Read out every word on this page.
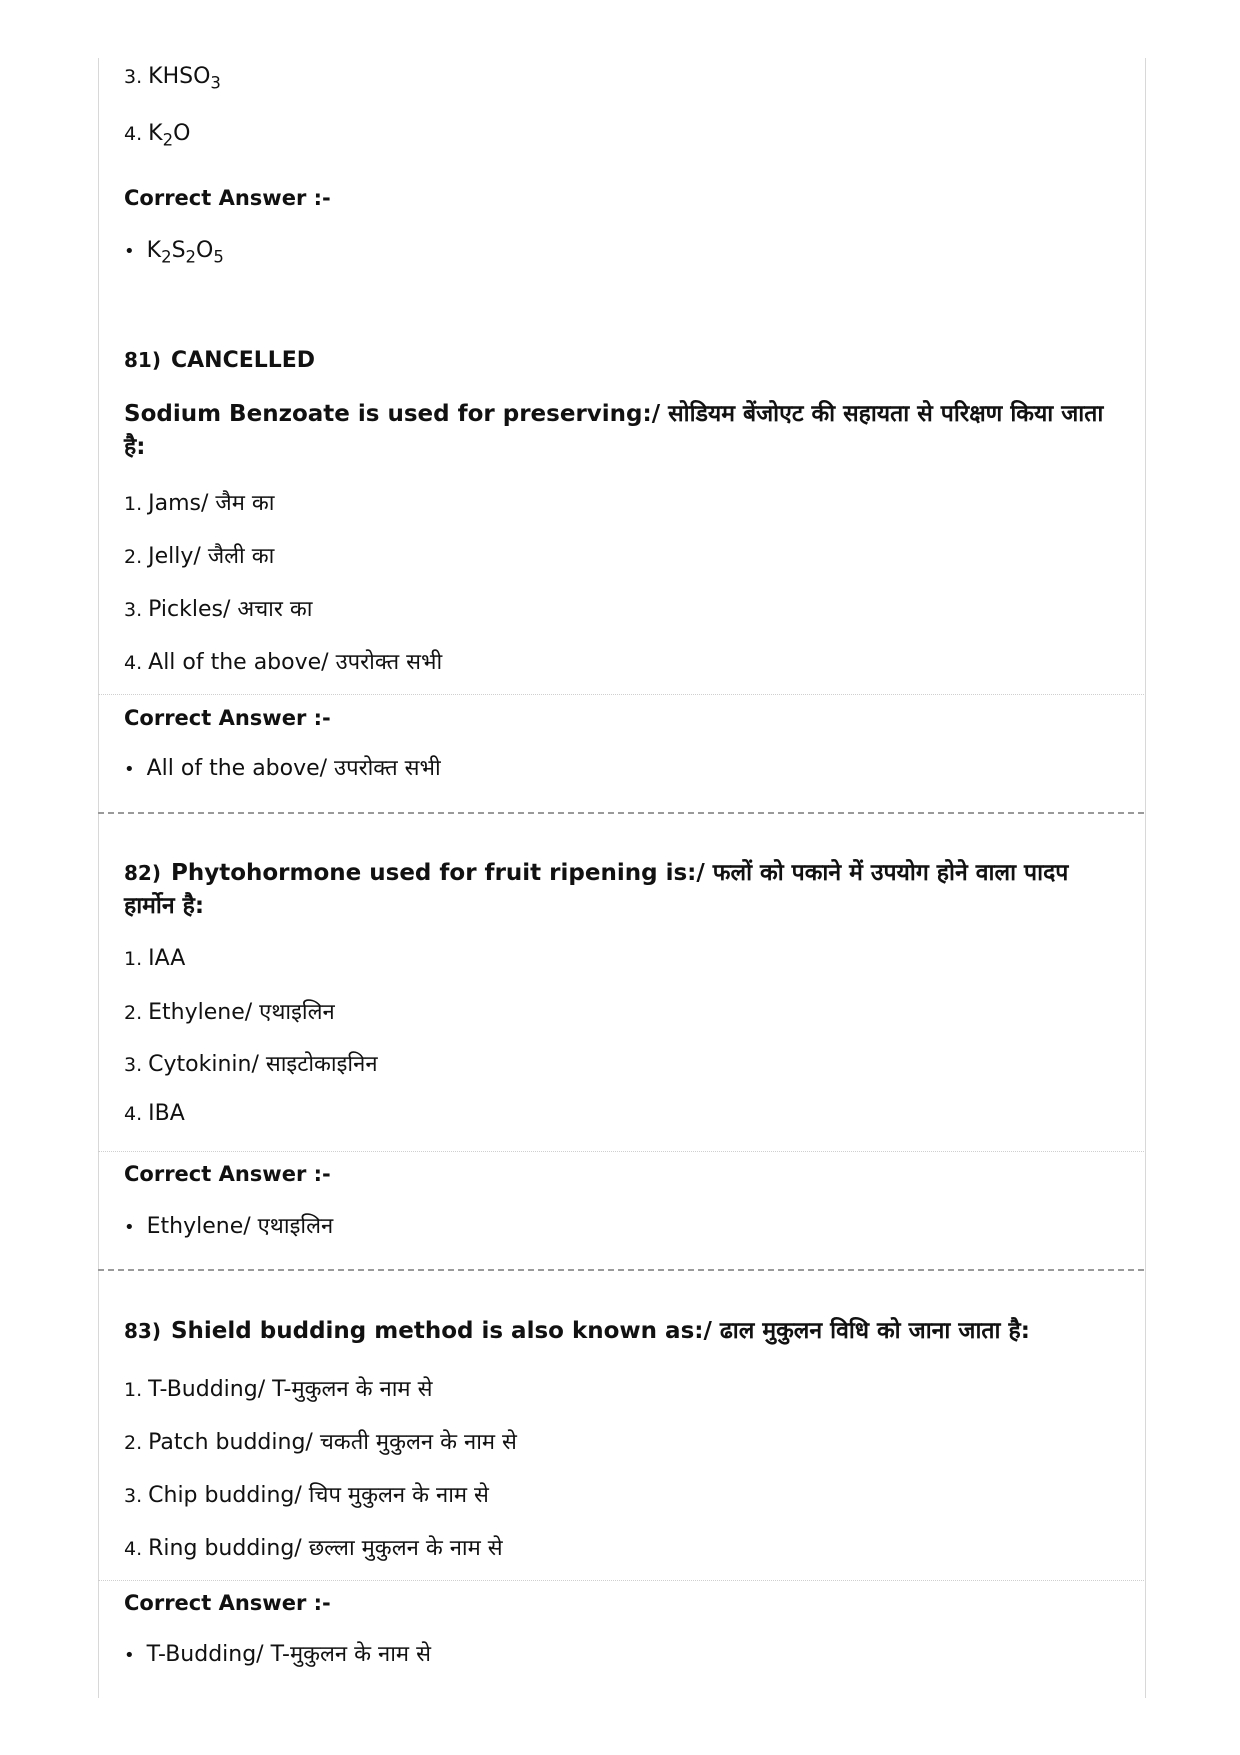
3. $KHSO_3$
4. $K_2O$
Correct Answer :-
• $K_2S_2O_5$
81) CANCELLED
Sodium Benzoate is used for preserving:/ सोडियम बेंजोएट की सहायता से परिक्षण किया जाता है:
1. Jams/ जैम का
2. Jelly/ जैली का
3. Pickles/ अचार का
4. All of the above/ उपरोक्त सभी
Correct Answer :-
• All of the above/ उपरोक्त सभी
82) Phytohormone used for fruit ripening is:/ फलों को पकाने में उपयोग होने वाला पादप हार्मोन है:
1. IAA
2. Ethylene/ एथाइलिन
3. Cytokinin/ साइटोकाइनिन
4. IBA
Correct Answer :-
• Ethylene/ एथाइलिन
83) Shield budding method is also known as:/ ढाल मुकुलन विधि को जाना जाता है:
1. T-Budding/ T-मुकुलन के नाम से
2. Patch budding/ चकती मुकुलन के नाम से
3. Chip budding/ चिप मुकुलन के नाम से
4. Ring budding/ छल्ला मुकुलन के नाम से
Correct Answer :-
• T-Budding/ T-मुकुलन के नाम से
